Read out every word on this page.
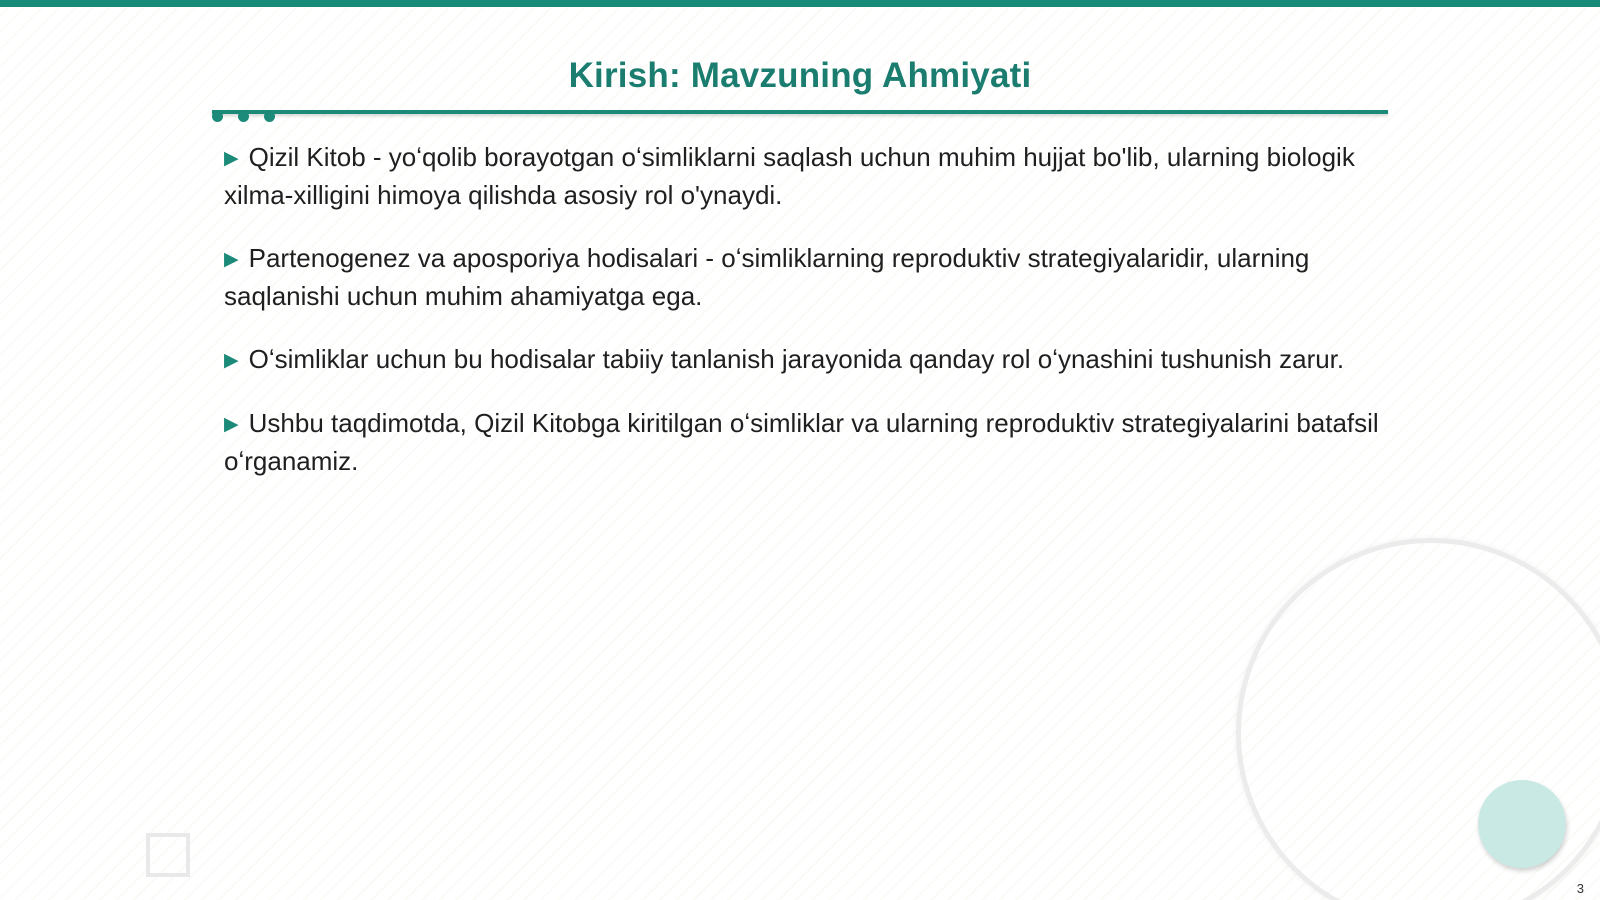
Kirish: Mavzuning Ahmiyati
▶ Qizil Kitob - yoʻqolib borayotgan oʻsimliklarni saqlash uchun muhim hujjat bo'lib, ularning biologik xilma-xilligini himoya qilishda asosiy rol o'ynaydi.
▶ Partenogenez va aposporiya hodisalari - oʻsimliklarning reproduktiv strategiyalaridir, ularning saqlanishi uchun muhim ahamiyatga ega.
▶ Oʻsimliklar uchun bu hodisalar tabiiy tanlanish jarayonida qanday rol oʻynashini tushunish zarur.
▶ Ushbu taqdimotda, Qizil Kitobga kiritilgan oʻsimliklar va ularning reproduktiv strategiyalarini batafsil oʻrganamiz.
3
